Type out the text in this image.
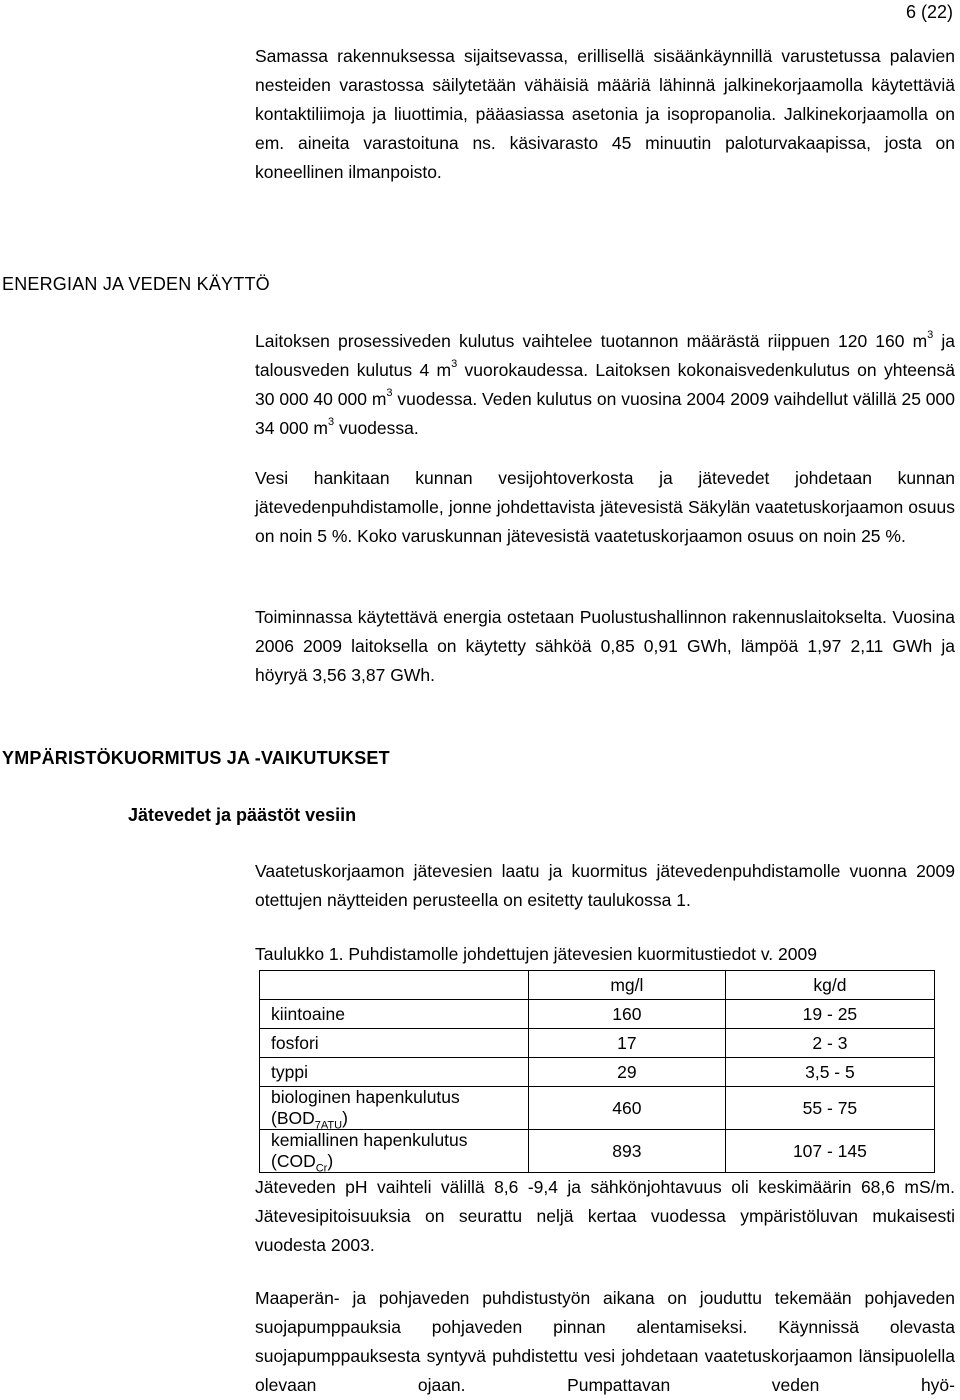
6 (22)

Samassa rakennuksessa sijaitsevassa, erillisellä sisäänkäynnillä varustetussa palavien nesteiden varastossa säilytetään vähäisiä määriä lähinnä jalkinekorjaamolla käytettäviä kontaktiliimoja ja liuottimia, pääasiassa asetonia ja isopropanolia. Jalkinekorjaamolla on em. aineita varastoituna ns. käsivarasto 45 minuutin paloturvakaapissa, josta on koneellinen ilmanpoisto.

ENERGIAN JA VEDEN KÄYTTÖ

Laitoksen prosessiveden kulutus vaihtelee tuotannon määrästä riippuen 120 160 $m^3$ ja talousveden kulutus 4 $m^3$ vuorokaudessa. Laitoksen kokonaisvedenkulutus on yhteensä 30 000 40 000 $m^3$ vuodessa. Veden kulutus on vuosina 2004 2009 vaihdellut välillä 25 000 34 000 $m^3$ vuodessa.

Vesi hankitaan kunnan vesijohtoverkosta ja jätevedet johdetaan kunnan jätevedenpuhdistamolle, jonne johdettavista jätevesistä Säkylän vaatetuskorjaamon osuus on noin 5 %. Koko varuskunnan jätevesistä vaatetuskorjaamon osuus on noin 25 %.

Toiminnassa käytettävä energia ostetaan Puolustushallinnon rakennuslaitokselta. Vuosina 2006 2009 laitoksella on käytetty sähköä 0,85 0,91 GWh, lämpöä 1,97 2,11 GWh ja höyryä 3,56 3,87 GWh.

YMPÄRISTÖKUORMITUS JA -VAIKUTUKSET
Jätevedet ja päästöt vesiin

Vaatetuskorjaamon jätevesien laatu ja kuormitus jätevedenpuhdistamolle vuonna 2009 otettujen näytteiden perusteella on esitetty taulukossa 1.

Taulukko 1. Puhdistamolle johdettujen jätevesien kuormitustiedot v. 2009

	mg/l	kg/d
kiintoaine	160	19 - 25
fosfori	17	2 - 3
typpi	29	3,5 - 5
biologinen hapenkulutus $(BOD_{7ATU})$	460	55 - 75
kemiallinen hapenkulutus $(COD_{Cr})$	893	107 - 145

Jäteveden pH vaihteli välillä 8,6 -9,4 ja sähkönjohtavuus oli keskimäärin 68,6 mS/m. Jätevesipitoisuuksia on seurattu neljä kertaa vuodessa ympäristöluvan mukaisesti vuodesta 2003.

Maaperän- ja pohjaveden puhdistustyön aikana on jouduttu tekemään pohjaveden suojapumppauksia pohjaveden pinnan alentamiseksi. Käynnissä olevasta suojapumppauksesta syntyvä puhdistettu vesi johdetaan vaatetuskorjaamon länsipuolella olevaan ojaan. Pumpattavan veden hyö-
